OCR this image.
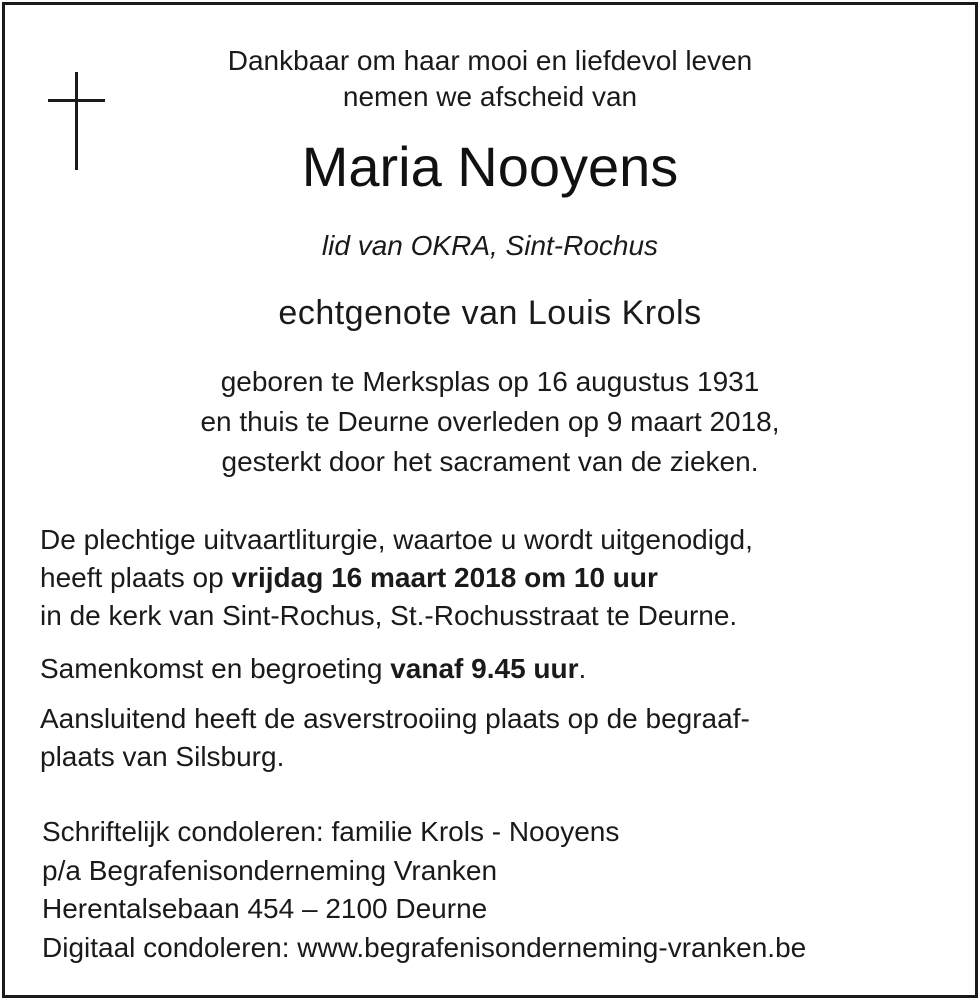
Dankbaar om haar mooi en liefdevol leven
nemen we afscheid van
Maria Nooyens
lid van OKRA, Sint-Rochus
echtgenote van Louis Krols
geboren te Merksplas op 16 augustus 1931
en thuis te Deurne overleden op 9 maart 2018,
gesterkt door het sacrament van de zieken.
De plechtige uitvaartliturgie, waartoe u wordt uitgenodigd,
heeft plaats op vrijdag 16 maart 2018 om 10 uur
in de kerk van Sint-Rochus, St.-Rochusstraat te Deurne.
Samenkomst en begroeting vanaf 9.45 uur.
Aansluitend heeft de asverstrooiing plaats op de begraaf-
plaats van Silsburg.
Schriftelijk condoleren: familie Krols - Nooyens
p/a Begrafenisonderneming Vranken
Herentalsebaan 454 – 2100 Deurne
Digitaal condoleren: www.begrafenisonderneming-vranken.be
